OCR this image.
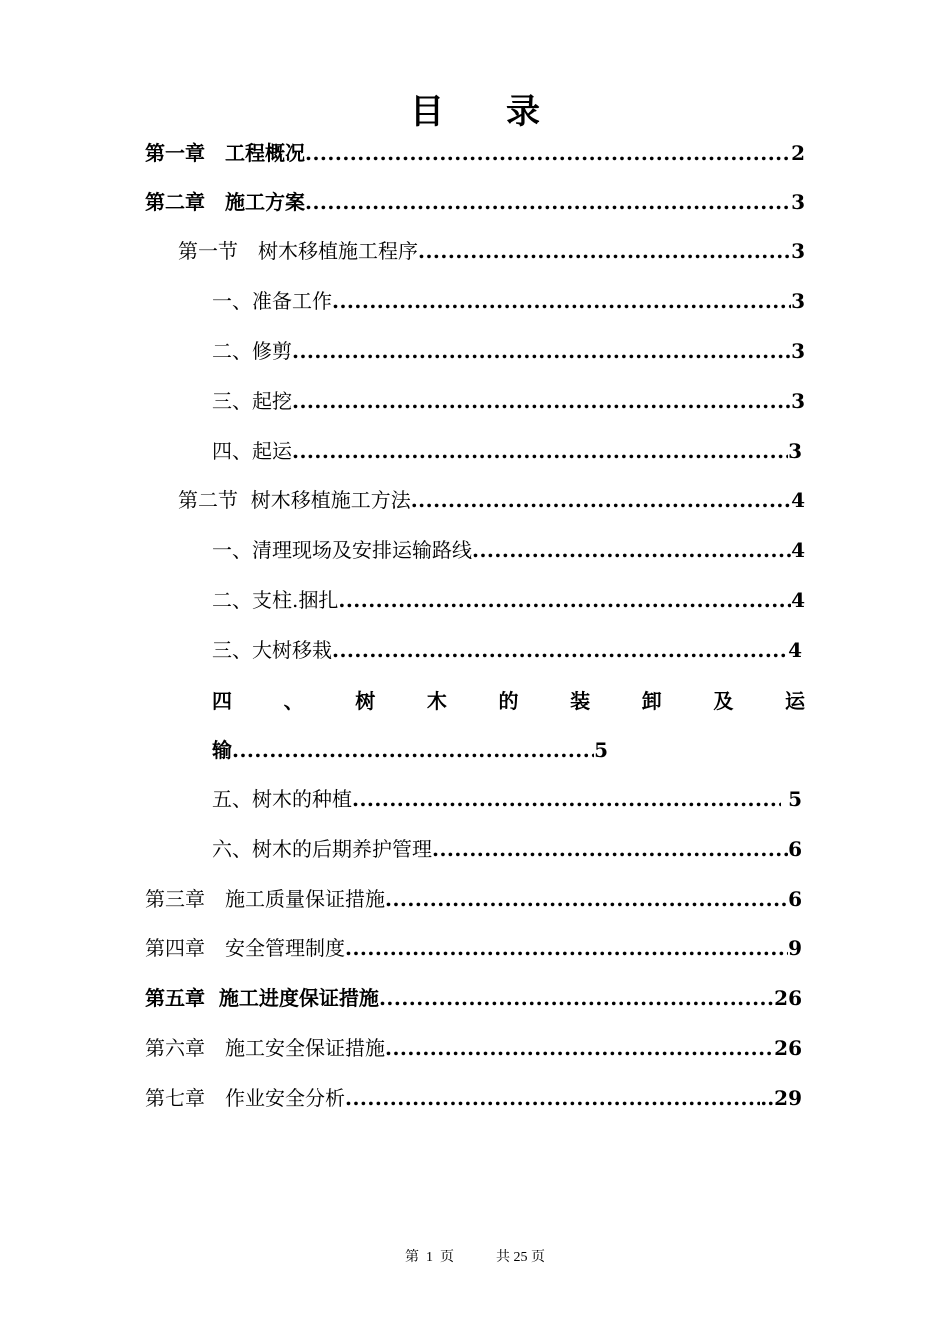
目 录
第一章　工程概况 .....	2
第二章　施工方案 .....	3
第一节　树木移植施工程序 .....	3
一、准备工作 .....	3
二、修剪 .....	3
三、起挖 .....	3
四、起运 .....	3
第二节  树木移植施工方法 .....	4
一、清理现场及安排运输路线 .....	4
二、支柱.捆扎 .....	4
三、大树移栽 .....	4
四	、	树	木	的	装	卸	及	运
输 .....	5
五、树木的种植 .....	5
六、树木的后期养护管理 .....	6
第三章　施工质量保证措施 .....	6
第四章　安全管理制度 .....	9
第五章  施工进度保证措施 .....	26
第六章　施工安全保证措施 .....	26
第七章　作业安全分析 .....	..29
第  1  页	共 25 页
